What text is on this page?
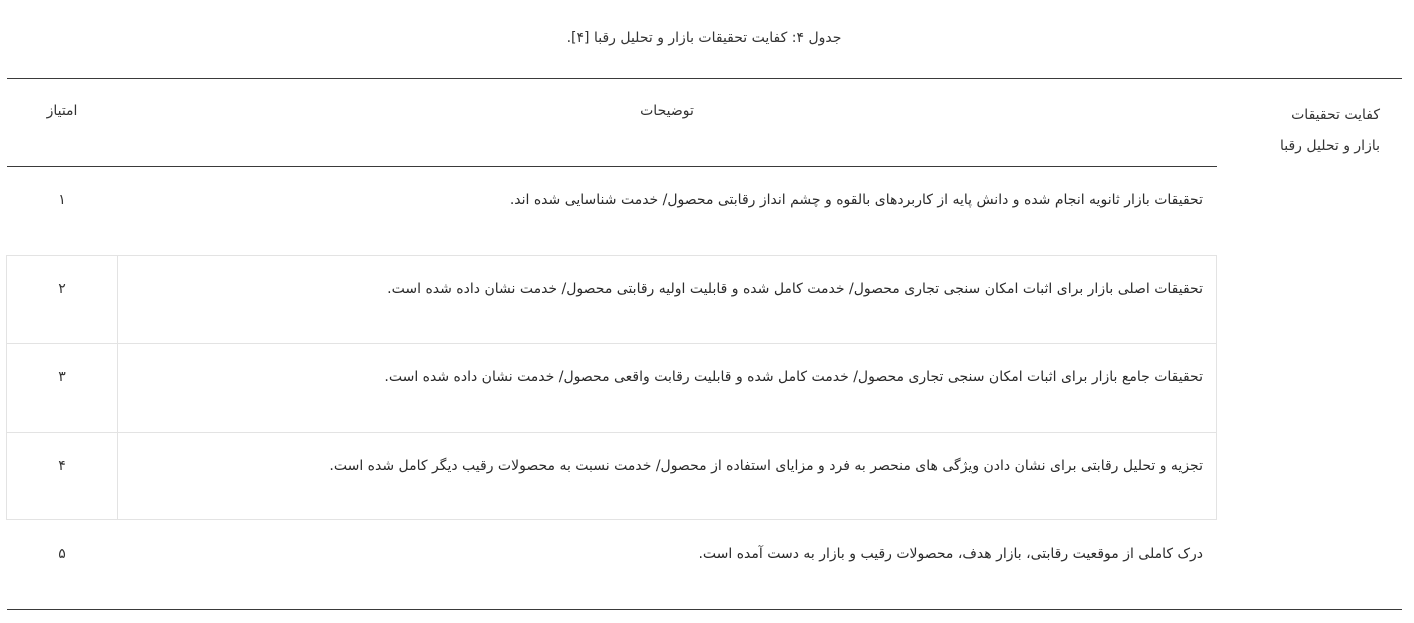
جدول ۴: کفایت تحقیقات بازار و تحلیل رقبا [۴].
کفایت تحقیقات
بازار و تحلیل رقبا
توضیحات
امتیاز
تحقیقات بازار ثانویه انجام شده و دانش پایه از کاربردهای بالقوه و چشم انداز رقابتی محصول/ خدمت شناسایی شده اند.
۱
تحقیقات اصلی بازار برای اثبات امکان سنجی تجاری محصول/ خدمت کامل شده و قابلیت اولیه رقابتی محصول/ خدمت نشان داده شده است.
۲
تحقیقات جامع بازار برای اثبات امکان سنجی تجاری محصول/ خدمت کامل شده و قابلیت رقابت واقعی محصول/ خدمت نشان داده شده است.
۳
تجزیه و تحلیل رقابتی برای نشان دادن ویژگی های منحصر به فرد و مزایای استفاده از محصول/ خدمت نسبت به محصولات رقیب دیگر کامل شده است.
۴
درک کاملی از موقعیت رقابتی، بازار هدف، محصولات رقیب و بازار به دست آمده است.
۵
